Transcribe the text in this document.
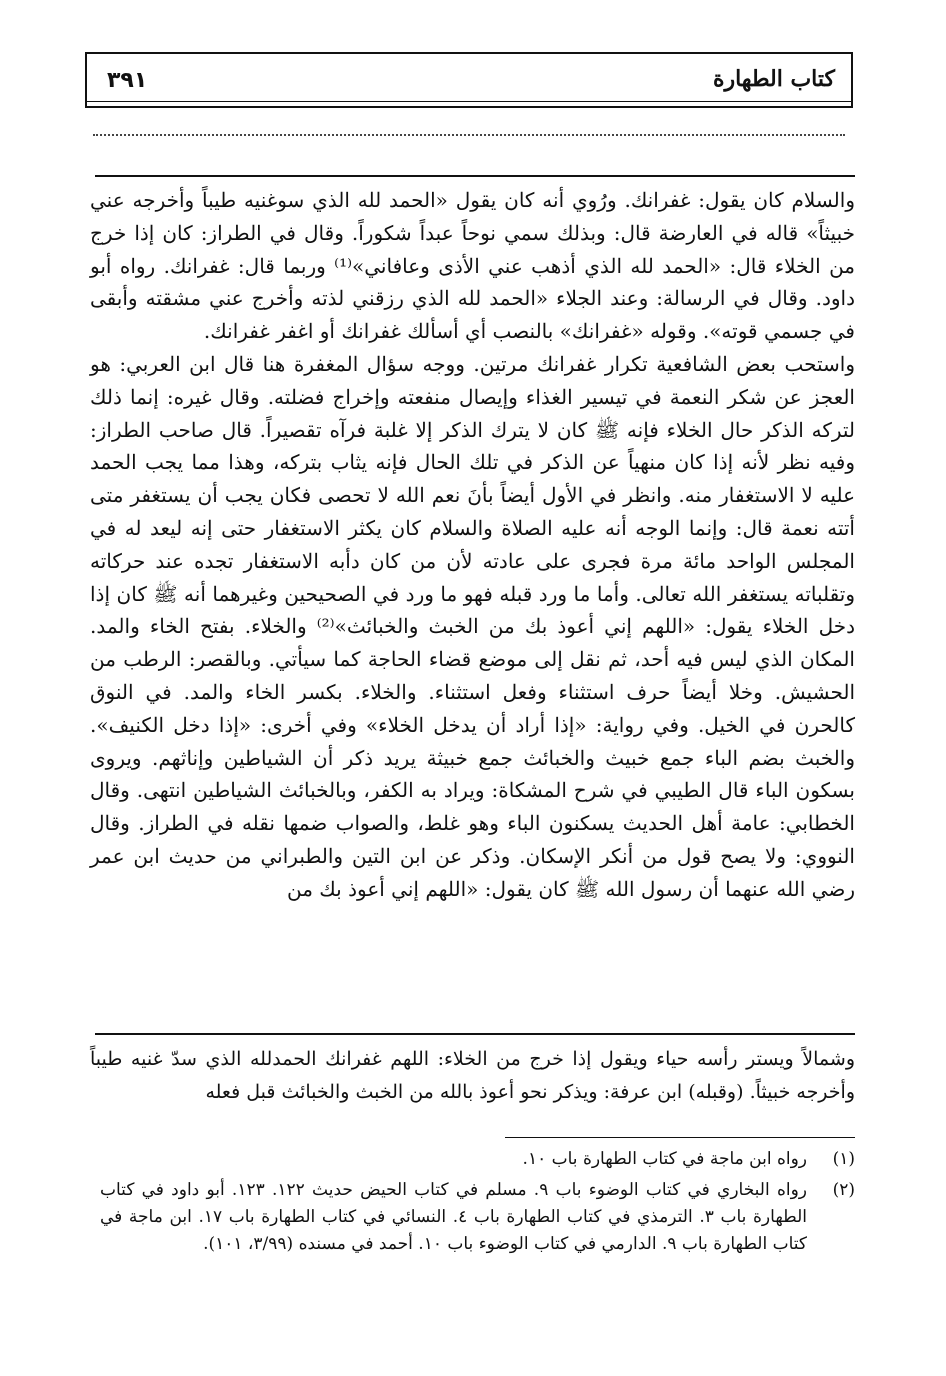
كتاب الطهارة
٣٩١

والسلام كان يقول: غفرانك. ورُوي أنه كان يقول «الحمد لله الذي سوغنيه طيباً وأخرجه عني خبيثاً» قاله في العارضة قال: وبذلك سمي نوحاً عبداً شكوراً. وقال في الطراز: كان إذا خرج من الخلاء قال: «الحمد لله الذي أذهب عني الأذى وعافاني»⁽¹⁾ وربما قال: غفرانك. رواه أبو داود. وقال في الرسالة: وعند الجلاء «الحمد لله الذي رزقني لذته وأخرج عني مشقته وأبقى في جسمي قوته». وقوله «غفرانك» بالنصب أي أسألك غفرانك أو اغفر غفرانك.

واستحب بعض الشافعية تكرار غفرانك مرتين. ووجه سؤال المغفرة هنا قال ابن العربي: هو العجز عن شكر النعمة في تيسير الغذاء وإيصال منفعته وإخراج فضلته. وقال غيره: إنما ذلك لتركه الذكر حال الخلاء فإنه ﷺ كان لا يترك الذكر إلا غلبة فرآه تقصيراً. قال صاحب الطراز: وفيه نظر لأنه إذا كان منهياً عن الذكر في تلك الحال فإنه يثاب بتركه، وهذا مما يجب الحمد عليه لا الاستغفار منه. وانظر في الأول أيضاً بأنَ نعم الله لا تحصى فكان يجب أن يستغفر متى أتته نعمة قال: وإنما الوجه أنه عليه الصلاة والسلام كان يكثر الاستغفار حتى إنه ليعد له في المجلس الواحد مائة مرة فجرى على عادته لأن من كان دأبه الاستغفار تجده عند حركاته وتقلباته يستغفر الله تعالى. وأما ما ورد قبله فهو ما ورد في الصحيحين وغيرهما أنه ﷺ كان إذا دخل الخلاء يقول: «اللهم إني أعوذ بك من الخبث والخبائث»⁽²⁾ والخلاء. بفتح الخاء والمد. المكان الذي ليس فيه أحد، ثم نقل إلى موضع قضاء الحاجة كما سيأتي. وبالقصر: الرطب من الحشيش. وخلا أيضاً حرف استثناء وفعل استثناء. والخلاء. بكسر الخاء والمد. في النوق كالحرن في الخيل. وفي رواية: «إذا أراد أن يدخل الخلاء» وفي أخرى: «إذا دخل الكنيف». والخبث بضم الباء جمع خبيث والخبائث جمع خبيثة يريد ذكر أن الشياطين وإناثهم. ويروى بسكون الباء قال الطيبي في شرح المشكاة: ويراد به الكفر، وبالخبائث الشياطين انتهى. وقال الخطابي: عامة أهل الحديث يسكنون الباء وهو غلط، والصواب ضمها نقله في الطراز. وقال النووي: ولا يصح قول من أنكر الإسكان. وذكر عن ابن التين والطبراني من حديث ابن عمر رضي الله عنهما أن رسول الله ﷺ كان يقول: «اللهم إني أعوذ بك من

وشمالاً ويستر رأسه حياء ويقول إذا خرج من الخلاء: اللهم غفرانك الحمدلله الذي سدّ غنيه طيباً وأخرجه خبيثاً. (وقبله) ابن عرفة: ويذكر نحو أعوذ بالله من الخبث والخبائث قبل فعله

(١)
رواه ابن ماجة في كتاب الطهارة باب ١٠.
(٢)
رواه البخاري في كتاب الوضوء باب ٩. مسلم في كتاب الحيض حديث ١٢٢. ١٢٣. أبو داود في كتاب الطهارة باب ٣. الترمذي في كتاب الطهارة باب ٤. النسائي في كتاب الطهارة باب ١٧. ابن ماجة في كتاب الطهارة باب ٩. الدارمي في كتاب الوضوء باب ١٠. أحمد في مسنده (٣/٩٩، ١٠١).
